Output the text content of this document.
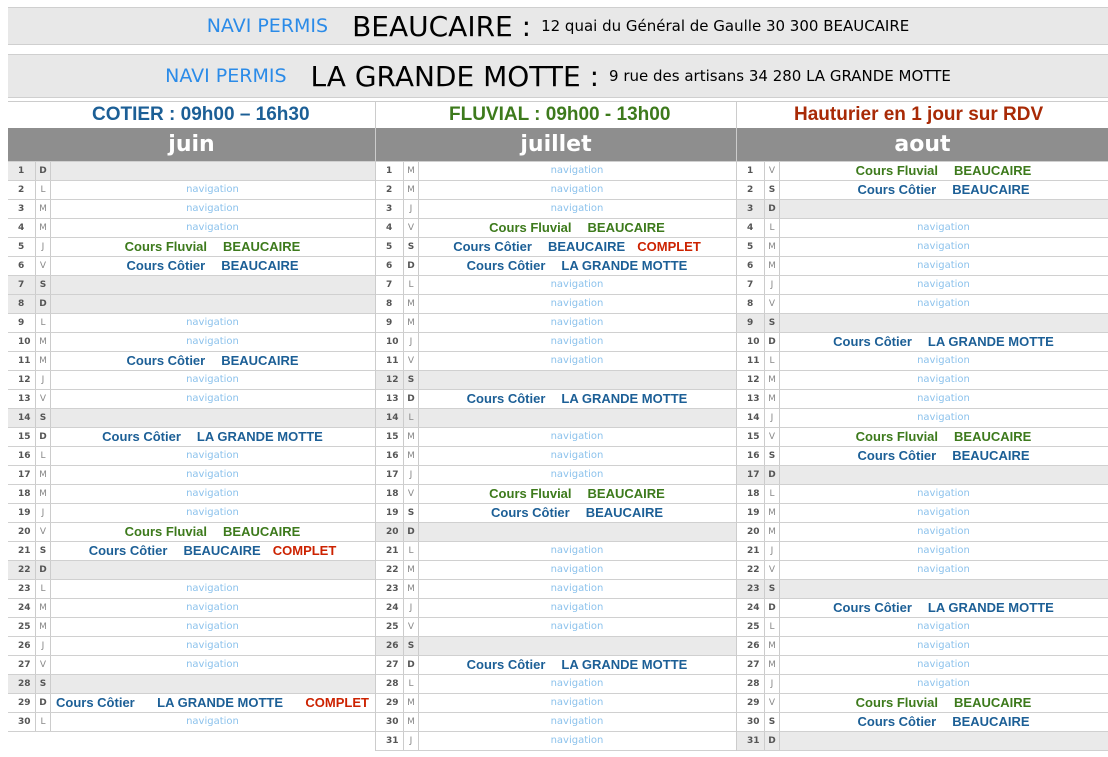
NAVI PERMIS BEAUCAIRE : 12 quai du Général de Gaulle 30 300 BEAUCAIRE
NAVI PERMIS LA GRANDE MOTTE : 9 rue des artisans 34 280 LA GRANDE MOTTE
COTIER : 09h00 – 16h30	FLUVIAL : 09h00 - 13h00	Hauturier en 1 jour sur RDV
juin	juillet	aout
1	D
2	L	navigation
3	M	navigation
4	M	navigation
5	J	Cours Fluvial BEAUCAIRE
6	V	Cours Côtier BEAUCAIRE
7	S
8	D
9	L	navigation
10 M	navigation
11 M	Cours Côtier BEAUCAIRE
12	J	navigation
13	V	navigation
14	S
15 D	Cours Côtier LA GRANDE MOTTE
16	L	navigation
17 M	navigation
18 M	navigation
19	J	navigation
20	V	Cours Fluvial BEAUCAIRE
21	S	Cours Côtier BEAUCAIRE COMPLET
22 D
23	L	navigation
24 M	navigation
25 M	navigation
26	J	navigation
27	V	navigation
28	S
29 D Cours Côtier LA GRANDE MOTTE COMPLET
30	L	navigation
1	M	navigation
2	M	navigation
3	J	navigation
4	V	Cours Fluvial BEAUCAIRE
5	S	Cours Côtier BEAUCAIRE COMPLET
6	D	Cours Côtier LA GRANDE MOTTE
7	L	navigation
8	M	navigation
9	M	navigation
10	J	navigation
11	V	navigation
12	S
13 D	Cours Côtier LA GRANDE MOTTE
14	L
15 M	navigation
16 M	navigation
17	J	navigation
18	V	Cours Fluvial BEAUCAIRE
19	S	Cours Côtier BEAUCAIRE
20 D
21	L	navigation
22 M	navigation
23 M	navigation
24	J	navigation
25	V	navigation
26	S
27 D	Cours Côtier LA GRANDE MOTTE
28	L	navigation
29 M	navigation
30 M	navigation
31	J	navigation
1	V	Cours Fluvial BEAUCAIRE
2	S	Cours Côtier BEAUCAIRE
3	D
4	L	navigation
5	M	navigation
6	M	navigation
7	J	navigation
8	V	navigation
9	S
10 D	Cours Côtier LA GRANDE MOTTE
11	L	navigation
12 M	navigation
13 M	navigation
14	J	navigation
15	V	Cours Fluvial BEAUCAIRE
16	S	Cours Côtier BEAUCAIRE
17 D
18	L	navigation
19 M	navigation
20 M	navigation
21	J	navigation
22	V	navigation
23	S
24 D	Cours Côtier LA GRANDE MOTTE
25	L	navigation
26 M	navigation
27 M	navigation
28	J	navigation
29	V	Cours Fluvial BEAUCAIRE
30	S	Cours Côtier BEAUCAIRE
31 D
